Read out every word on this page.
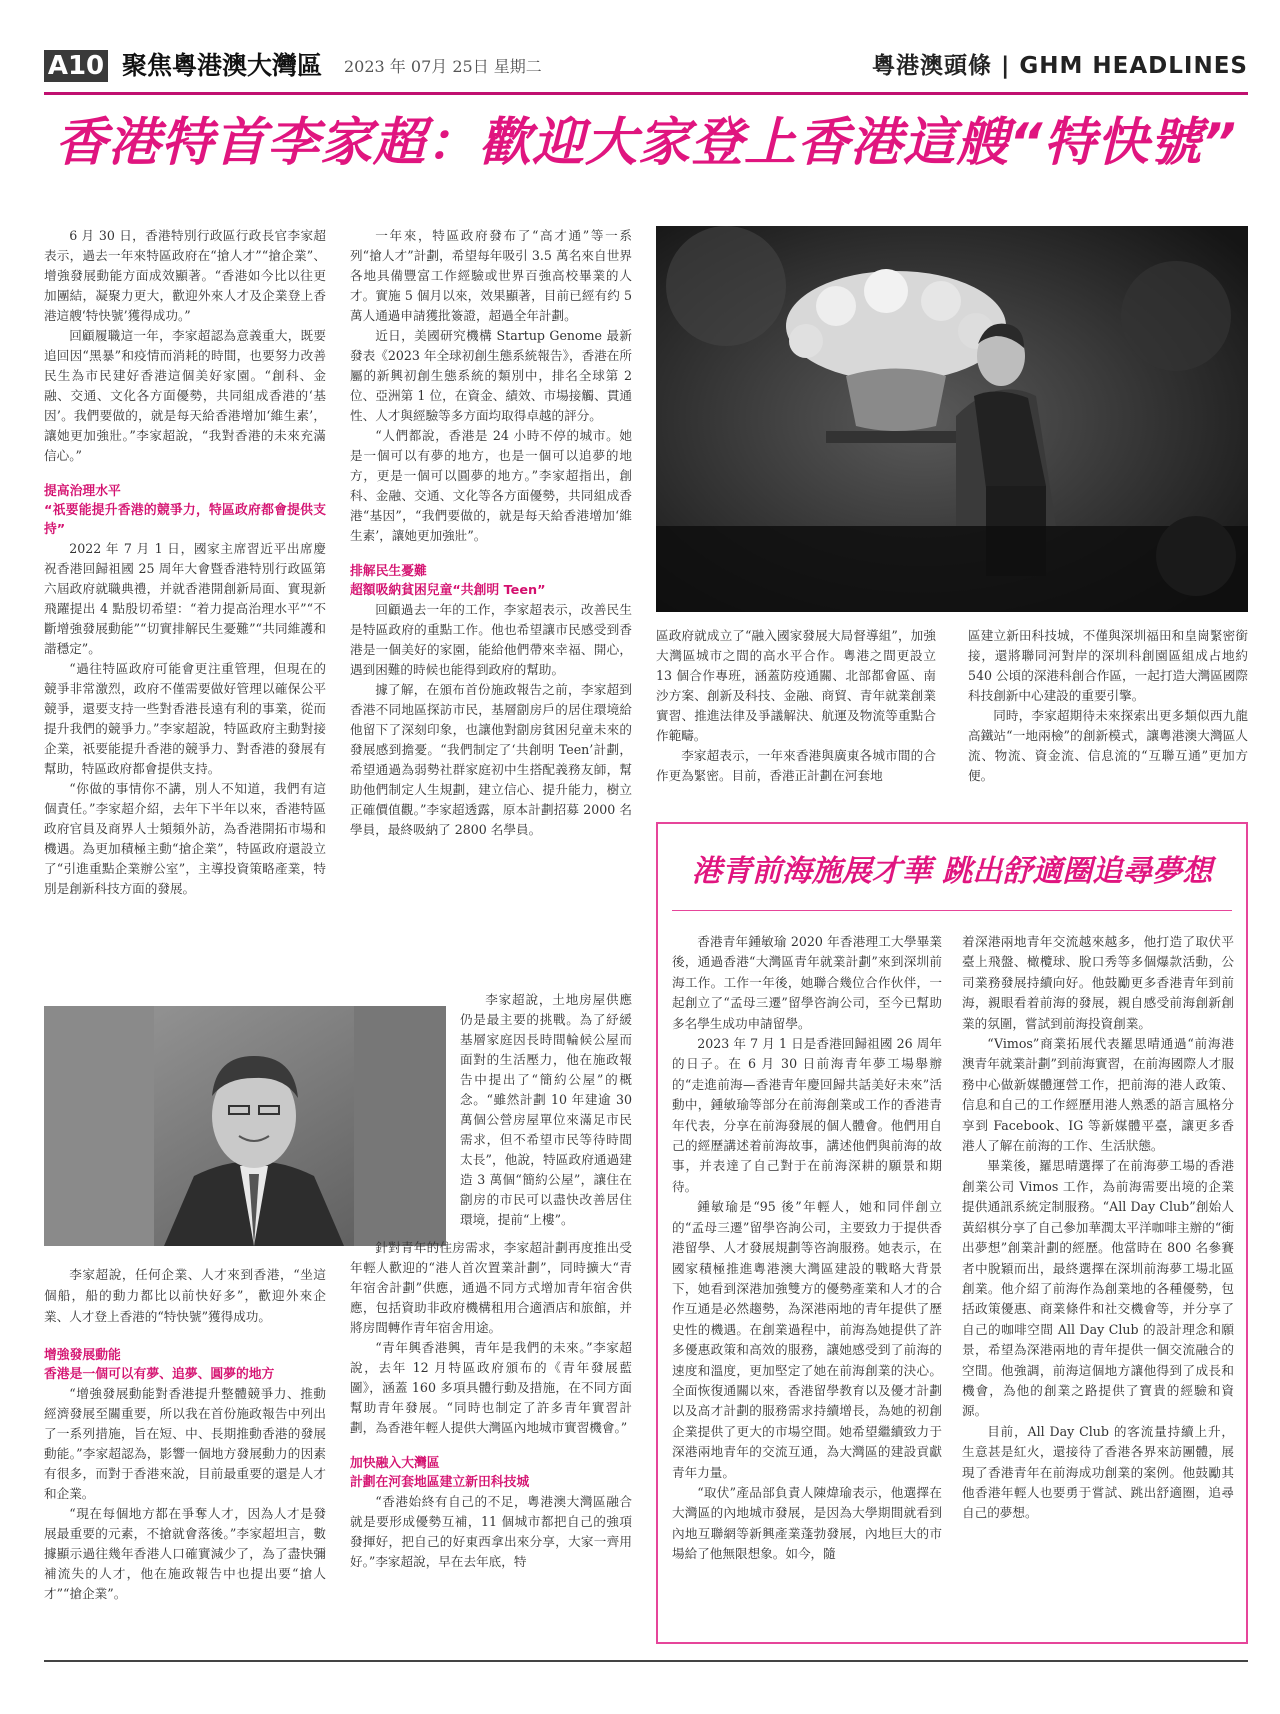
A10 聚焦粵港澳大灣區 2023 年 07月 25日 星期二	粵港澳頭條 | GHM HEADLINES
香港特首李家超：歡迎大家登上香港這艘“特快號”

6 月 30 日，香港特別行政區行政長官李家超表示，過去一年來特區政府在“搶人才”“搶企業”、增強發展動能方面成效顯著。“香港如今比以往更加團結，凝聚力更大，歡迎外來人才及企業登上香港這艘‘特快號’獲得成功。”

回顧履職這一年，李家超認為意義重大，既要追回因“黑暴”和疫情而消耗的時間，也要努力改善民生為市民建好香港這個美好家園。“創科、金融、交通、文化各方面優勢，共同組成香港的‘基因’。我們要做的，就是每天給香港增加‘維生素’，讓她更加強壯。”李家超說，“我對香港的未來充滿信心。”

提高治理水平
“祇要能提升香港的競爭力，特區政府都會提供支持”

2022 年 7 月 1 日，國家主席習近平出席慶祝香港回歸祖國 25 周年大會暨香港特別行政區第六屆政府就職典禮，并就香港開創新局面、實現新飛躍提出 4 點殷切希望：“着力提高治理水平”“不斷增強發展動能”“切實排解民生憂難”“共同維護和諧穩定”。

“過往特區政府可能會更注重管理，但現在的競爭非常激烈，政府不僅需要做好管理以確保公平競爭，還要支持一些對香港長遠有利的事業，從而提升我們的競爭力。”李家超說，特區政府主動對接企業，祇要能提升香港的競爭力、對香港的發展有幫助，特區政府都會提供支持。

“你做的事情你不講，別人不知道，我們有這個責任。”李家超介紹，去年下半年以來，香港特區政府官員及商界人士頻頻外訪，為香港開拓市場和機遇。為更加積極主動“搶企業”，特區政府還設立了“引進重點企業辦公室”，主導投資策略產業，特別是創新科技方面的發展。

李家超說，任何企業、人才來到香港，“坐這個船，船的動力都比以前快好多”，歡迎外來企業、人才登上香港的“特快號”獲得成功。
增強發展動能
香港是一個可以有夢、追夢、圓夢的地方

“增強發展動能對香港提升整體競爭力、推動經濟發展至關重要，所以我在首份施政報告中列出了一系列措施，旨在短、中、長期推動香港的發展動能。”李家超認為，影響一個地方發展動力的因素有很多，而對于香港來說，目前最重要的還是人才和企業。

“現在每個地方都在爭奪人才，因為人才是發展最重要的元素，不搶就會落後。”李家超坦言，數據顯示過往幾年香港人口確實減少了，為了盡快彌補流失的人才，他在施政報告中也提出要“搶人才”“搶企業”。

一年來，特區政府發布了“高才通”等一系列“搶人才”計劃，希望每年吸引 3.5 萬名來自世界各地具備豐富工作經驗或世界百強高校畢業的人才。實施 5 個月以來，效果顯著，目前已經有约 5 萬人通過申請獲批簽證，超過全年計劃。

近日，美國研究機構 Startup Genome 最新發表《2023 年全球初創生態系統報告》，香港在所屬的新興初創生態系統的類別中，排名全球第 2 位、亞洲第 1 位，在資金、績效、市場接觸、貫通性、人才與經驗等多方面均取得卓越的評分。

“人們都說，香港是 24 小時不停的城市。她是一個可以有夢的地方，也是一個可以追夢的地方，更是一個可以圓夢的地方。”李家超指出，創科、金融、交通、文化等各方面優勢，共同組成香港“基因”，“我們要做的，就是每天給香港增加‘維生素’，讓她更加強壯”。

排解民生憂難
超額吸納貧困兒童“共創明 Teen”

回顧過去一年的工作，李家超表示，改善民生是特區政府的重點工作。他也希望讓市民感受到香港是一個美好的家園，能給他們帶來幸福、開心，遇到困難的時候也能得到政府的幫助。

據了解，在頒布首份施政報告之前，李家超到香港不同地區探訪市民，基層劏房戶的居住環境給他留下了深刻印象，也讓他對劏房貧困兒童未來的發展感到擔憂。“我們制定了‘共創明 Teen’計劃，希望通過為弱勢社群家庭初中生搭配義務友師，幫助他們制定人生規劃，建立信心、提升能力，樹立正確價值觀。”李家超透露，原本計劃招募 2000 名學員，最終吸納了 2800 名學員。

李家超說，土地房屋供應仍是最主要的挑戰。為了紓緩基層家庭因長時間輪候公屋而面對的生活壓力，他在施政報告中提出了“簡約公屋”的概念。“雖然計劃 10 年建逾 30 萬個公營房屋單位來滿足市民需求，但不希望市民等待時間太長”，他說，特區政府通過建造 3 萬個“簡約公屋”，讓住在劏房的市民可以盡快改善居住環境，提前“上樓”。

針對青年的住房需求，李家超計劃再度推出受年輕人歡迎的“港人首次置業計劃”，同時擴大“青年宿舍計劃”供應，通過不同方式增加青年宿舍供應，包括資助非政府機構租用合適酒店和旅館，并將房間轉作青年宿舍用途。

“青年興香港興，青年是我們的未來。”李家超說，去年 12 月特區政府頒布的《青年發展藍圖》，涵蓋 160 多項具體行動及措施，在不同方面幫助青年發展。“同時也制定了許多青年實習計劃，為香港年輕人提供大灣區內地城市實習機會。”

加快融入大灣區
計劃在河套地區建立新田科技城

“香港始終有自己的不足，粵港澳大灣區融合就是要形成優勢互補，11 個城市都把自己的強項發揮好，把自己的好東西拿出來分享，大家一齊用好。”李家超說，早在去年底，特

區政府就成立了“融入國家發展大局督導組”，加強大灣區城市之間的高水平合作。粵港之間更設立 13 個合作專班，涵蓋防疫通關、北部都會區、南沙方案、創新及科技、金融、商貿、青年就業創業實習、推進法律及爭議解決、航運及物流等重點合作範疇。

李家超表示，一年來香港與廣東各城市間的合作更為緊密。目前，香港正計劃在河套地

區建立新田科技城，不僅與深圳福田和皇崗緊密銜接，還將聯同河對岸的深圳科創園區組成占地約 540 公頃的深港科創合作區，一起打造大灣區國際科技創新中心建設的重要引擎。

同時，李家超期待未來探索出更多類似西九龍高鐵站“一地兩檢”的創新模式，讓粵港澳大灣區人流、物流、資金流、信息流的“互聯互通”更加方便。

港青前海施展才華 跳出舒適圈追尋夢想

香港青年鍾敏瑜 2020 年香港理工大學畢業後，通過香港“大灣區青年就業計劃”來到深圳前海工作。工作一年後，她聯合幾位合作伙伴，一起創立了“孟母三遷”留學咨詢公司，至今已幫助多名學生成功申請留學。

2023 年 7 月 1 日是香港回歸祖國 26 周年的日子。在 6 月 30 日前海青年夢工場舉辦的“走進前海—香港青年慶回歸共話美好未來”活動中，鍾敏瑜等部分在前海創業或工作的香港青年代表，分享在前海發展的個人體會。他們用自己的經歷講述着前海故事，講述他們與前海的故事，并表達了自己對于在前海深耕的願景和期待。

鍾敏瑜是“95 後”年輕人，她和同伴創立的“孟母三遷”留學咨詢公司，主要致力于提供香港留學、人才發展規劃等咨詢服務。她表示，在國家積極推進粵港澳大灣區建設的戰略大背景下，她看到深港加強雙方的優勢產業和人才的合作互通是必然趨勢，為深港兩地的青年提供了歷史性的機遇。在創業過程中，前海為她提供了許多優惠政策和高效的服務，讓她感受到了前海的速度和溫度，更加堅定了她在前海創業的決心。全面恢復通關以來，香港留學教育以及優才計劃以及高才計劃的服務需求持續增長，為她的初創企業提供了更大的市場空間。她希望繼續致力于深港兩地青年的交流互通，為大灣區的建設貢獻青年力量。

“取伏”產品部負責人陳煒瑜表示，他選擇在大灣區的內地城市發展，是因為大學期間就看到內地互聯網等新興產業蓬勃發展，內地巨大的市場給了他無限想象。如今，隨

着深港兩地青年交流越來越多，他打造了取伏平臺上飛盤、橄欖球、脫口秀等多個爆款活動，公司業務發展持續向好。他鼓勵更多香港青年到前海，親眼看着前海的發展，親自感受前海創新創業的氛圍，嘗試到前海投資創業。

“Vimos”商業拓展代表羅思晴通過“前海港澳青年就業計劃”到前海實習，在前海國際人才服務中心做新媒體運營工作，把前海的港人政策、信息和自己的工作經歷用港人熟悉的語言風格分享到 Facebook、IG 等新媒體平臺，讓更多香港人了解在前海的工作、生活狀態。

畢業後，羅思晴選擇了在前海夢工場的香港創業公司 Vimos 工作，為前海需要出境的企業提供通訊系統定制服務。“All Day Club”創始人黃紹棋分享了自己參加華潤太平洋咖啡主辦的“衝出夢想”創業計劃的經歷。他當時在 800 名參賽者中脫穎而出，最終選擇在深圳前海夢工場北區創業。他介紹了前海作為創業地的各種優勢，包括政策優惠、商業條件和社交機會等，并分享了自己的咖啡空間 All Day Club 的設計理念和願景，希望為深港兩地的青年提供一個交流融合的空間。他強調，前海這個地方讓他得到了成長和機會，為他的創業之路提供了寶貴的經驗和資源。

目前，All Day Club 的客流量持續上升，生意甚是紅火，還接待了香港各界來訪團體，展現了香港青年在前海成功創業的案例。他鼓勵其他香港年輕人也要勇于嘗試、跳出舒適圈，追尋自己的夢想。
